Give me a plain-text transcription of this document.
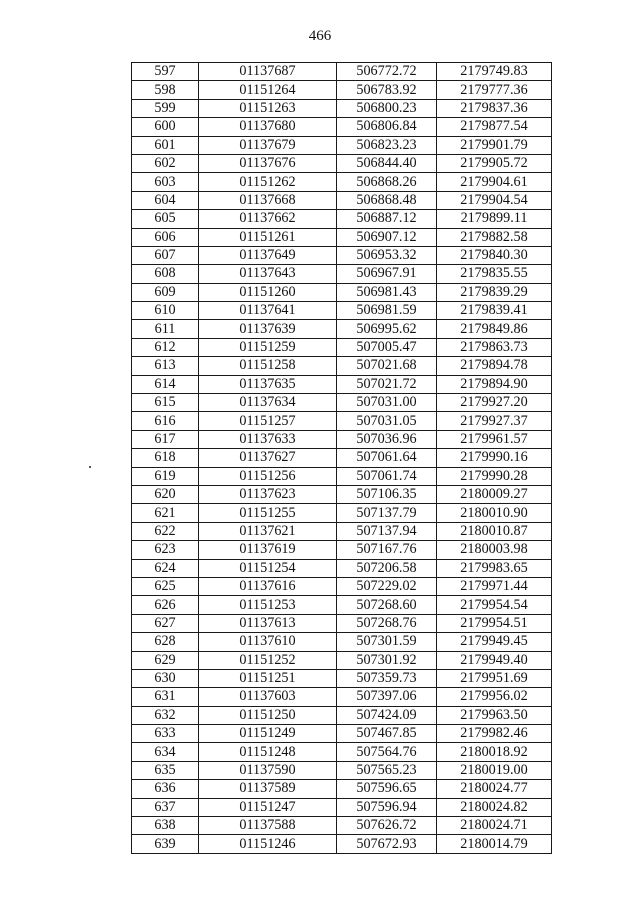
466
597	01137687	506772.72	2179749.83
598	01151264	506783.92	2179777.36
599	01151263	506800.23	2179837.36
600	01137680	506806.84	2179877.54
601	01137679	506823.23	2179901.79
602	01137676	506844.40	2179905.72
603	01151262	506868.26	2179904.61
604	01137668	506868.48	2179904.54
605	01137662	506887.12	2179899.11
606	01151261	506907.12	2179882.58
607	01137649	506953.32	2179840.30
608	01137643	506967.91	2179835.55
609	01151260	506981.43	2179839.29
610	01137641	506981.59	2179839.41
611	01137639	506995.62	2179849.86
612	01151259	507005.47	2179863.73
613	01151258	507021.68	2179894.78
614	01137635	507021.72	2179894.90
615	01137634	507031.00	2179927.20
616	01151257	507031.05	2179927.37
617	01137633	507036.96	2179961.57
618	01137627	507061.64	2179990.16
619	01151256	507061.74	2179990.28
620	01137623	507106.35	2180009.27
621	01151255	507137.79	2180010.90
622	01137621	507137.94	2180010.87
623	01137619	507167.76	2180003.98
624	01151254	507206.58	2179983.65
625	01137616	507229.02	2179971.44
626	01151253	507268.60	2179954.54
627	01137613	507268.76	2179954.51
628	01137610	507301.59	2179949.45
629	01151252	507301.92	2179949.40
630	01151251	507359.73	2179951.69
631	01137603	507397.06	2179956.02
632	01151250	507424.09	2179963.50
633	01151249	507467.85	2179982.46
634	01151248	507564.76	2180018.92
635	01137590	507565.23	2180019.00
636	01137589	507596.65	2180024.77
637	01151247	507596.94	2180024.82
638	01137588	507626.72	2180024.71
639	01151246	507672.93	2180014.79
